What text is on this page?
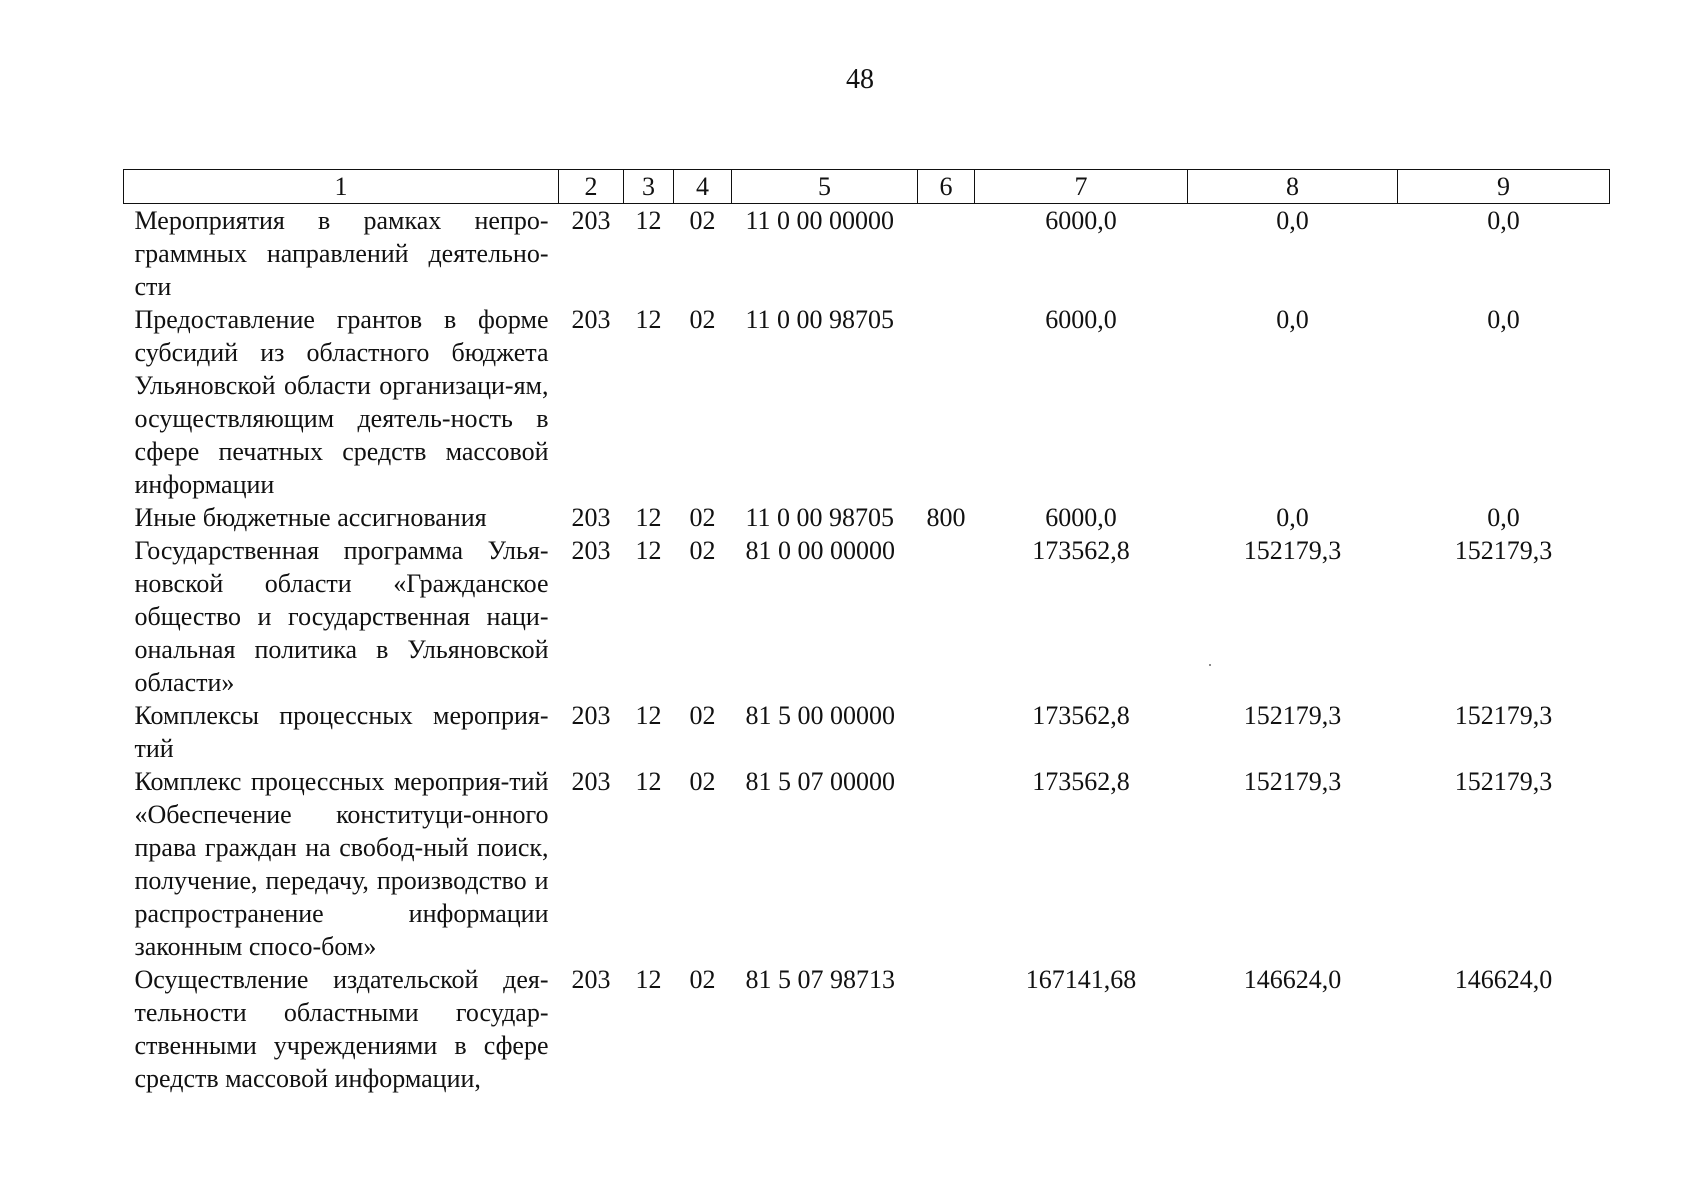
48
1	2	3	4	5	6	7	8	9
Мероприятия в рамках непро-граммных направлений деятельно-сти	203	12	02	11 0 00 00000		6000,0	0,0	0,0
Предоставление грантов в форме субсидий из областного бюджета Ульяновской области организаци-ям, осуществляющим деятель-ность в сфере печатных средств массовой информации	203	12	02	11 0 00 98705		6000,0	0,0	0,0
Иные бюджетные ассигнования	203	12	02	11 0 00 98705	800	6000,0	0,0	0,0
Государственная программа Улья-новской области «Гражданское общество и государственная наци-ональная политика в Ульяновской области»	203	12	02	81 0 00 00000		173562,8	152179,3	152179,3
Комплексы процессных мероприя-тий	203	12	02	81 5 00 00000		173562,8	152179,3	152179,3
Комплекс процессных мероприя-тий «Обеспечение конституци-онного права граждан на свобод-ный поиск, получение, передачу, производство и распространение информации законным спосо-бом»	203	12	02	81 5 07 00000		173562,8	152179,3	152179,3
Осуществление издательской дея-тельности областными государ-ственными учреждениями в сфере средств массовой информации,	203	12	02	81 5 07 98713		167141,68	146624,0	146624,0
